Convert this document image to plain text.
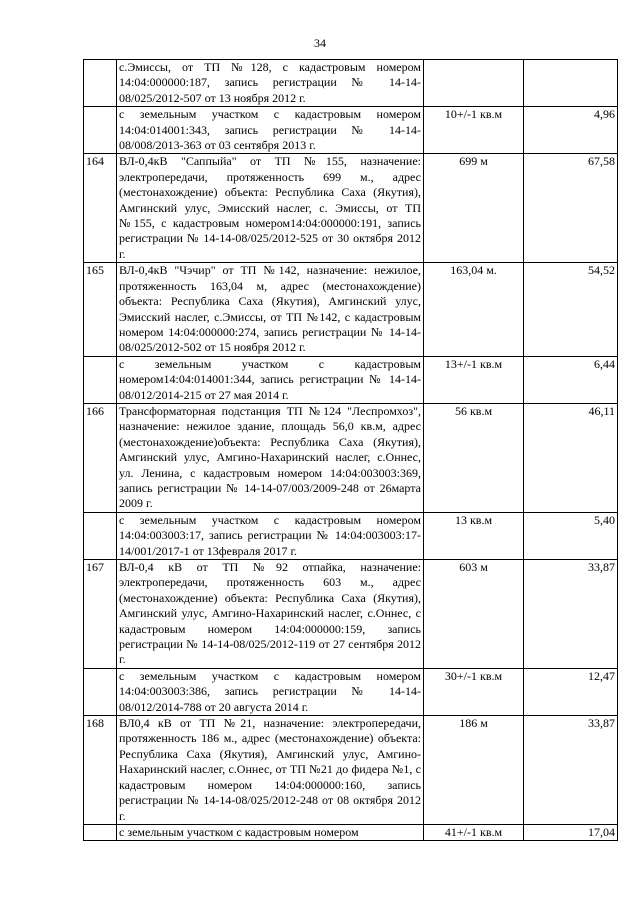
34
	с.Эмиссы, от ТП №128, с кадастровым номером 14:04:000000:187, запись регистрации № 14-14-08/025/2012-507 от 13 ноября 2012 г.		
	с земельным участком с кадастровым номером 14:04:014001:343, запись регистрации № 14-14-08/008/2013-363 от 03 сентября 2013 г.	10+/-1 кв.м	4,96
164	ВЛ-0,4кВ "Саппыйа" от ТП №155, назначение: электропередачи, протяженность 699 м., адрес (местонахождение) объекта: Республика Саха (Якутия), Амгинский улус, Эмисский наслег, с. Эмиссы, от ТП №155, с кадастровым номером14:04:000000:191, запись регистрации № 14-14-08/025/2012-525 от 30 октября 2012 г.	699 м	67,58
165	ВЛ-0,4кВ "Чэчир" от ТП №142, назначение: нежилое, протяженность 163,04 м, адрес (местонахождение) объекта: Республика Саха (Якутия), Амгинский улус, Эмисский наслег, с.Эмиссы, от ТП №142, с кадастровым номером 14:04:000000:274, запись регистрации № 14-14-08/025/2012-502 от 15 ноября 2012 г.	163,04 м.	54,52
	с земельным участком с кадастровым номером14:04:014001:344, запись регистрации № 14-14-08/012/2014-215 от 27 мая 2014 г.	13+/-1 кв.м	6,44
166	Трансформаторная подстанция ТП №124 "Леспромхоз", назначение: нежилое здание, площадь 56,0 кв.м, адрес (местонахождение)объекта: Республика Саха (Якутия), Амгинский улус, Амгино-Нахаринский наслег, с.Оннес, ул. Ленина, с кадастровым номером 14:04:003003:369, запись регистрации № 14-14-07/003/2009-248 от 26марта 2009 г.	56 кв.м	46,11
	с земельным участком с кадастровым номером 14:04:003003:17, запись регистрации № 14:04:003003:17-14/001/2017-1 от 13февраля 2017 г.	13 кв.м	5,40
167	ВЛ-0,4 кВ от ТП №92 отпайка, назначение: электропередачи, протяженность 603 м., адрес (местонахождение) объекта: Республика Саха (Якутия), Амгинский улус, Амгино-Нахаринский наслег, с.Оннес, с кадастровым номером 14:04:000000:159, запись регистрации № 14-14-08/025/2012-119 от 27 сентября 2012 г.	603 м	33,87
	с земельным участком с кадастровым номером 14:04:003003:386, запись регистрации № 14-14-08/012/2014-788 от 20 августа 2014 г.	30+/-1 кв.м	12,47
168	ВЛ0,4 кВ от ТП №21, назначение: электропередачи, протяженность 186 м., адрес (местонахождение) объекта: Республика Саха (Якутия), Амгинский улус, Амгино-Нахаринский наслег, с.Оннес, от ТП №21 до фидера №1, с кадастровым номером 14:04:000000:160, запись регистрации № 14-14-08/025/2012-248 от 08 октября 2012 г.	186 м	33,87
	с земельным участком с кадастровым номером	41+/-1 кв.м	17,04
